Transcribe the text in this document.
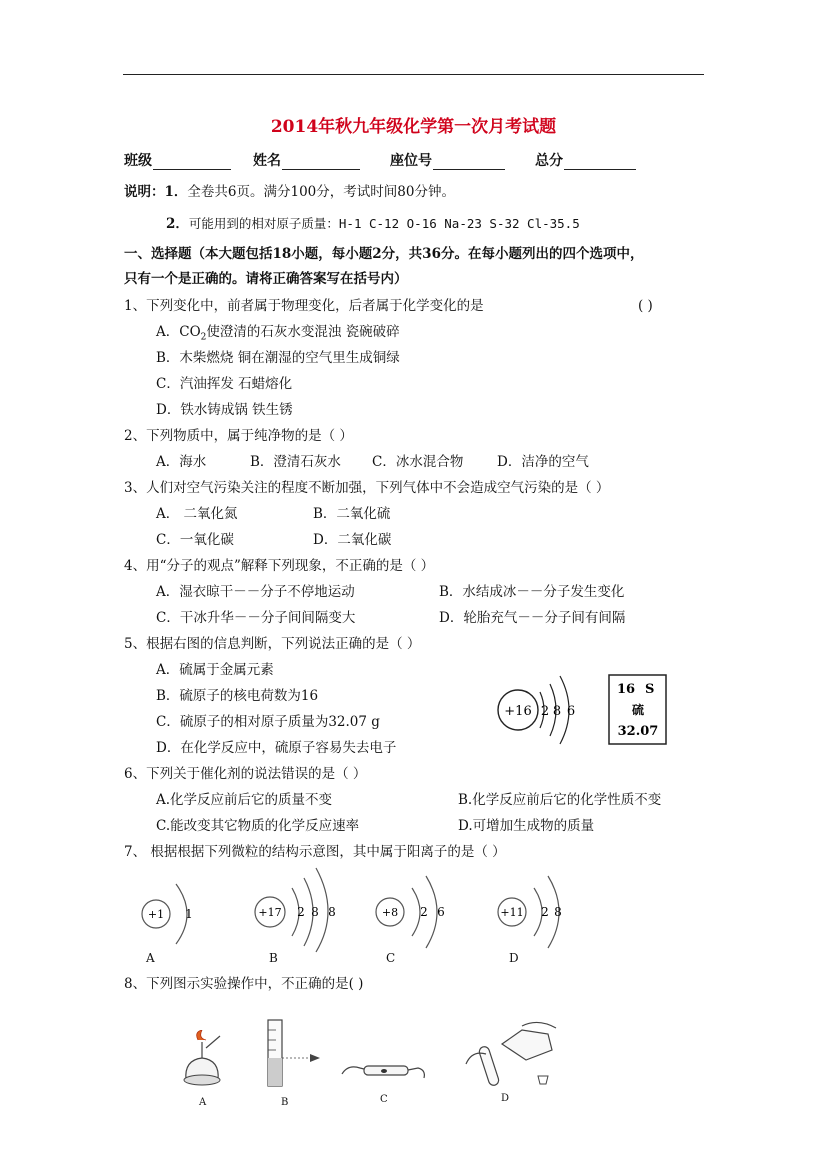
2014年秋九年级化学第一次月考试题
班级	姓名	座位号	总分
说明：1．全卷共6页。满分100分，考试时间80分钟。
2．可能用到的相对原子质量：H-1 C-12 O-16 Na-23 S-32 Cl-35.5
一、选择题（本大题包括18小题，每小题2分，共36分。在每小题列出的四个选项中，
只有一个是正确的。请将正确答案写在括号内）
1、下列变化中，前者属于物理变化，后者属于化学变化的是	( )
A．$CO_2$使澄清的石灰水变混浊 瓷碗破碎
B．木柴燃烧 铜在潮湿的空气里生成铜绿
C．汽油挥发 石蜡熔化
D．铁水铸成锅 铁生锈
2、下列物质中，属于纯净物的是（ ）
A．海水	B．澄清石灰水 C．冰水混合物 D．洁净的空气
3、人们对空气污染关注的程度不断加强，下列气体中不会造成空气污染的是（ ）
A． 二氧化氮	B．二氧化硫
C．一氧化碳	D．二氧化碳
4、用“分子的观点”解释下列现象，不正确的是（ ）
A．湿衣晾干－－分子不停地运动	B．水结成冰－－分子发生变化
C．干冰升华－－分子间间隔变大	D．轮胎充气－－分子间有间隔
5、根据右图的信息判断，下列说法正确的是（ ）
A．硫属于金属元素
B．硫原子的核电荷数为16
C．硫原子的相对原子质量为32.07 g
D．在化学反应中，硫原子容易失去电子
+16 2 8 6
16 S
硫
32.07
6、下列关于催化剂的说法错误的是（ ）
A.化学反应前后它的质量不变	B.化学反应前后它的化学性质不变
C.能改变其它物质的化学反应速率	D.可增加生成物的质量
7、 根据根据下列微粒的结构示意图，其中属于阳离子的是（ ）
+1 1
A
+17 2 8 8
B
+8 2 6
C
+11 2 8
D
8、下列图示实验操作中，不正确的是( )
A	B	C	D
